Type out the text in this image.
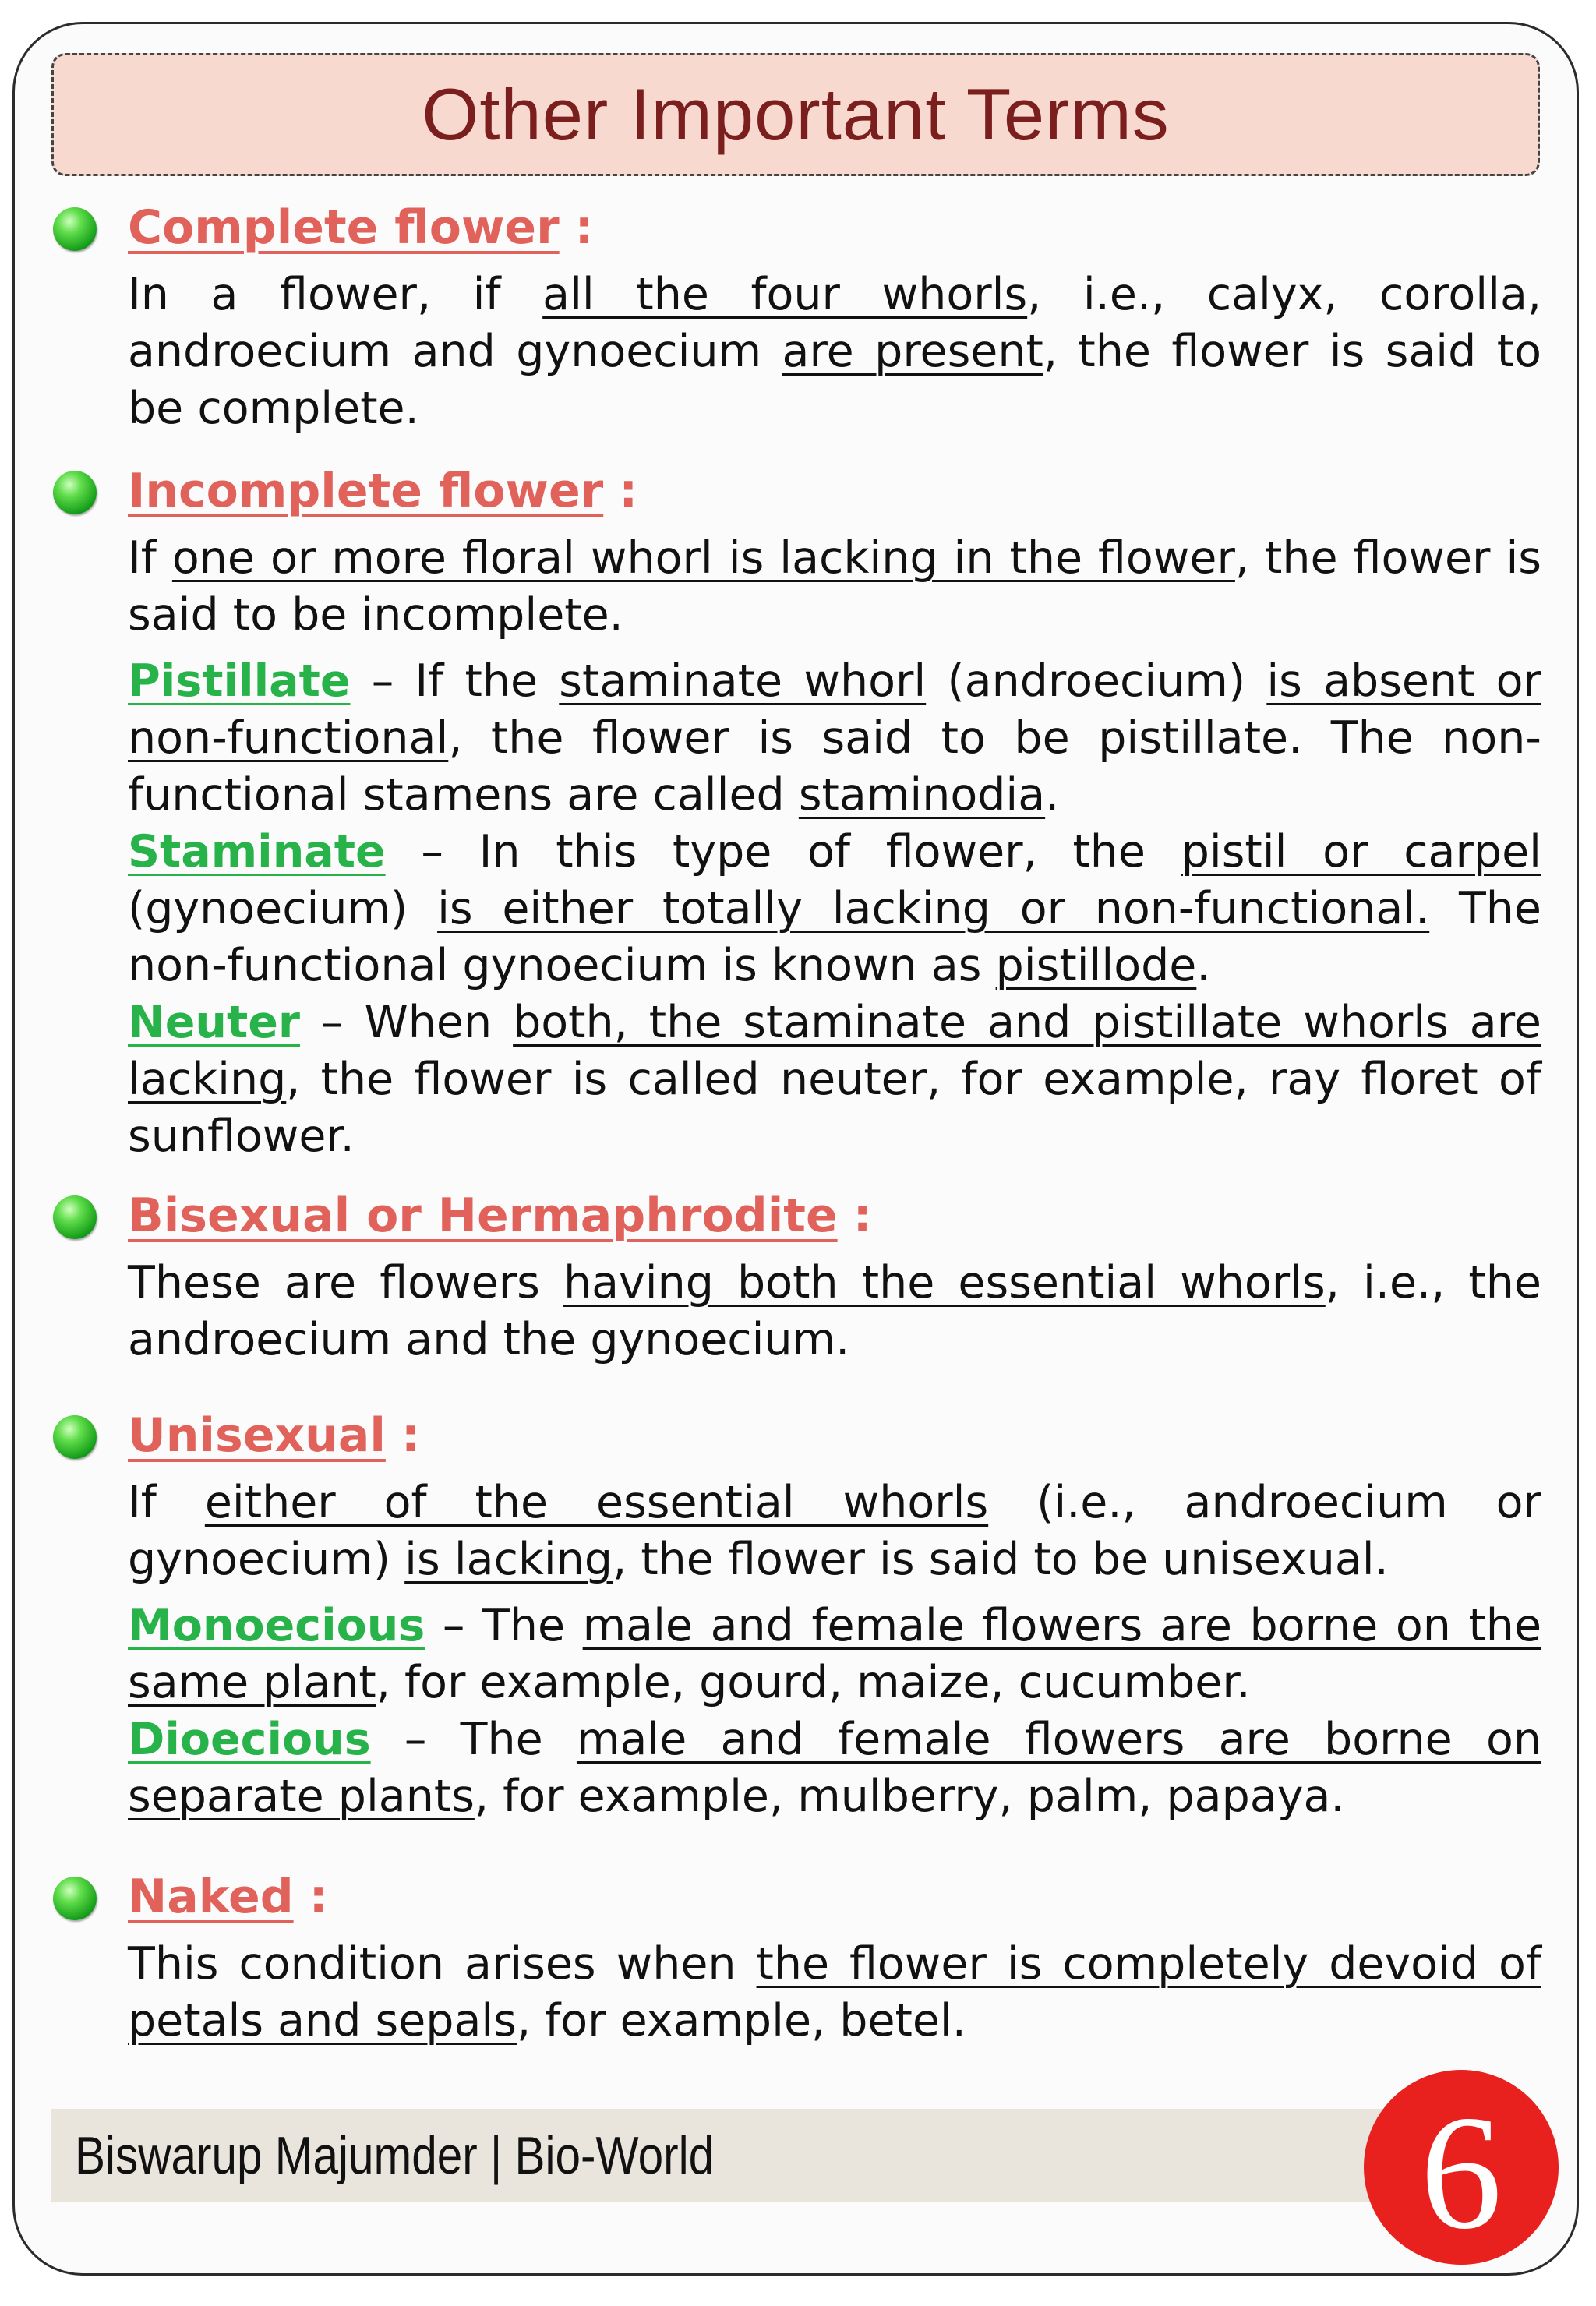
Other Important Terms
Complete flower :

In a flower, if all the four whorls, i.e., calyx, corolla, androecium and gynoecium are present, the flower is said to be complete.

Incomplete flower :

If one or more floral whorl is lacking in the flower, the flower is said to be incomplete.

Pistillate – If the staminate whorl (androecium) is absent or non-functional, the flower is said to be pistillate. The non-functional stamens are called staminodia.

Staminate – In this type of flower, the pistil or carpel (gynoecium) is either totally lacking or non-functional. The non-functional gynoecium is known as pistillode.

Neuter – When both, the staminate and pistillate whorls are lacking, the flower is called neuter, for example, ray floret of sunflower.

Bisexual or Hermaphrodite :

These are flowers having both the essential whorls, i.e., the androecium and the gynoecium.

Unisexual :

If either of the essential whorls (i.e., androecium or gynoecium) is lacking, the flower is said to be unisexual.

Monoecious – The male and female flowers are borne on the same plant, for example, gourd, maize, cucumber.

Dioecious – The male and female flowers are borne on separate plants, for example, mulberry, palm, papaya.

Naked :

This condition arises when the flower is completely devoid of petals and sepals, for example, betel.

Biswarup Majumder | Bio-World	6
